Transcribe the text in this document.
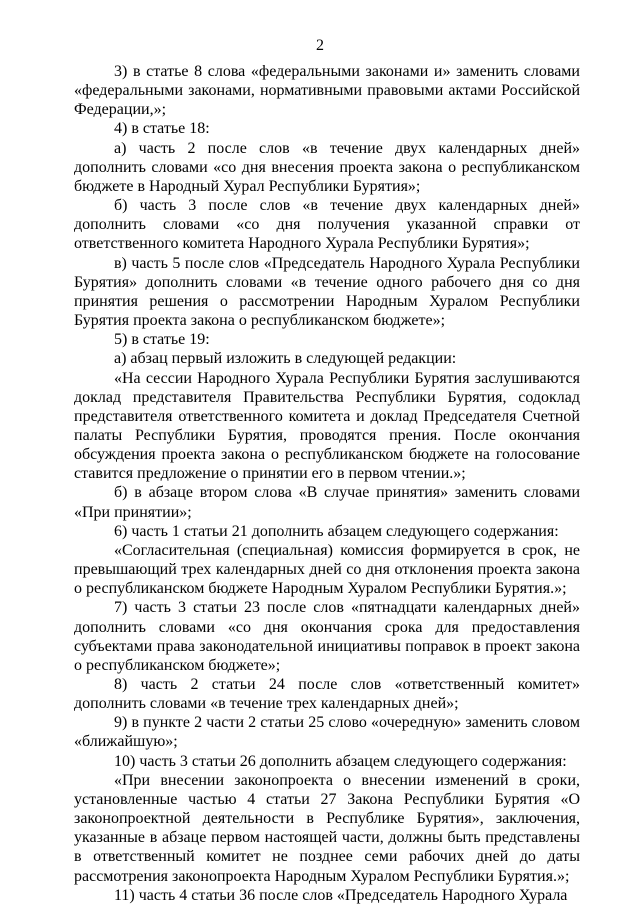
2

3) в статье 8 слова «федеральными законами и» заменить словами «федеральными законами, нормативными правовыми актами Российской Федерации,»;

4) в статье 18:

а) часть 2 после слов «в течение двух календарных дней» дополнить словами «со дня внесения проекта закона о республиканском бюджете в Народный Хурал Республики Бурятия»;

б) часть 3 после слов «в течение двух календарных дней» дополнить словами «со дня получения указанной справки от ответственного комитета Народного Хурала Республики Бурятия»;

в) часть 5 после слов «Председатель Народного Хурала Республики Бурятия» дополнить словами «в течение одного рабочего дня со дня принятия решения о рассмотрении Народным Хуралом Республики Бурятия проекта закона о республиканском бюджете»;

5) в статье 19:

а) абзац первый изложить в следующей редакции:

«На сессии Народного Хурала Республики Бурятия заслушиваются доклад представителя Правительства Республики Бурятия, содоклад представителя ответственного комитета и доклад Председателя Счетной палаты Республики Бурятия, проводятся прения. После окончания обсуждения проекта закона о республиканском бюджете на голосование ставится предложение о принятии его в первом чтении.»;

б) в абзаце втором слова «В случае принятия» заменить словами «При принятии»;

6) часть 1 статьи 21 дополнить абзацем следующего содержания:

«Согласительная (специальная) комиссия формируется в срок, не превышающий трех календарных дней со дня отклонения проекта закона о республиканском бюджете Народным Хуралом Республики Бурятия.»;

7) часть 3 статьи 23 после слов «пятнадцати календарных дней» дополнить словами «со дня окончания срока для предоставления субъектами права законодательной инициативы поправок в проект закона о республиканском бюджете»;

8) часть 2 статьи 24 после слов «ответственный комитет» дополнить словами «в течение трех календарных дней»;

9) в пункте 2 части 2 статьи 25 слово «очередную» заменить словом «ближайшую»;

10) часть 3 статьи 26 дополнить абзацем следующего содержания:

«При внесении законопроекта о внесении изменений в сроки, установленные частью 4 статьи 27 Закона Республики Бурятия «О законопроектной деятельности в Республике Бурятия», заключения, указанные в абзаце первом настоящей части, должны быть представлены в ответственный комитет не позднее семи рабочих дней до даты рассмотрения законопроекта Народным Хуралом Республики Бурятия.»;

11) часть 4 статьи 36 после слов «Председатель Народного Хурала
